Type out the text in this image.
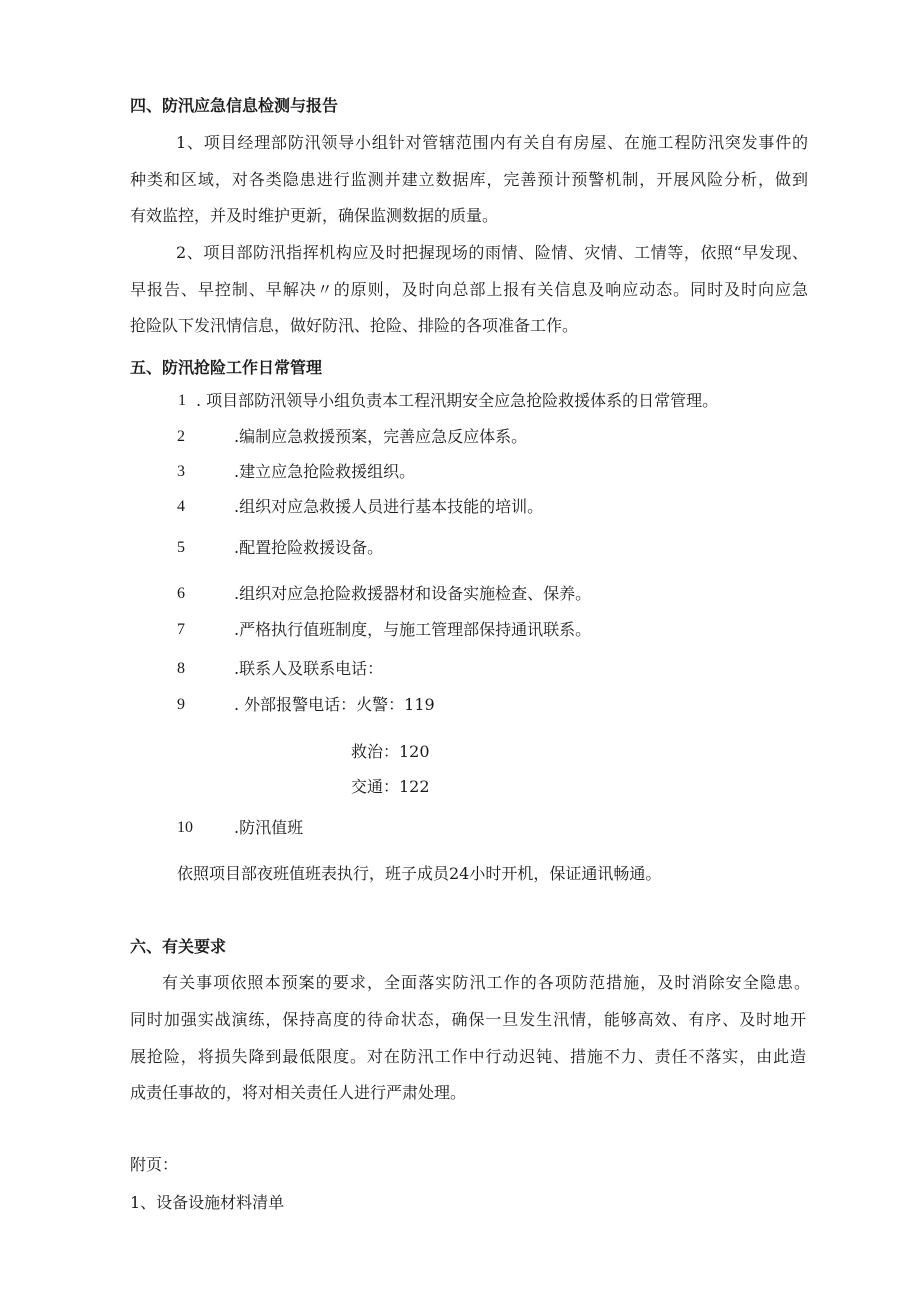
四、防汛应急信息检测与报告
1、项目经理部防汛领导小组针对管辖范围内有关自有房屋、在施工程防汛突发事件的
种类和区域，对各类隐患进行监测并建立数据库，完善预计预警机制，开展风险分析，做到
有效监控，并及时维护更新，确保监测数据的质量。
2、项目部防汛指挥机构应及时把握现场的雨情、险情、灾情、工情等，依照“早发现、
早报告、早控制、早解决〃的原则，及时向总部上报有关信息及响应动态。同时及时向应急
抢险队下发汛情信息，做好防汛、抢险、排险的各项准备工作。
五、防汛抢险工作日常管理
1 . 项目部防汛领导小组负责本工程汛期安全应急抢险救援体系的日常管理。
2	.编制应急救援预案，完善应急反应体系。
3	.建立应急抢险救援组织。
4	.组织对应急救援人员进行基本技能的培训。
5	.配置抢险救援设备。
6	.组织对应急抢险救援器材和设备实施检查、保养。
7	.严格执行值班制度，与施工管理部保持通讯联系。
8	.联系人及联系电话：
9	. 外部报警电话：火警：119
救治：120
交通：122
10	.防汛值班
依照项目部夜班值班表执行，班子成员24小时开机，保证通讯畅通。
六、有关要求
有关事项依照本预案的要求，全面落实防汛工作的各项防范措施，及时消除安全隐患。
同时加强实战演练，保持高度的待命状态，确保一旦发生汛情，能够高效、有序、及时地开
展抢险，将损失降到最低限度。对在防汛工作中行动迟钝、措施不力、责任不落实，由此造
成责任事故的，将对相关责任人进行严肃处理。
附页：
1、设备设施材料清单
